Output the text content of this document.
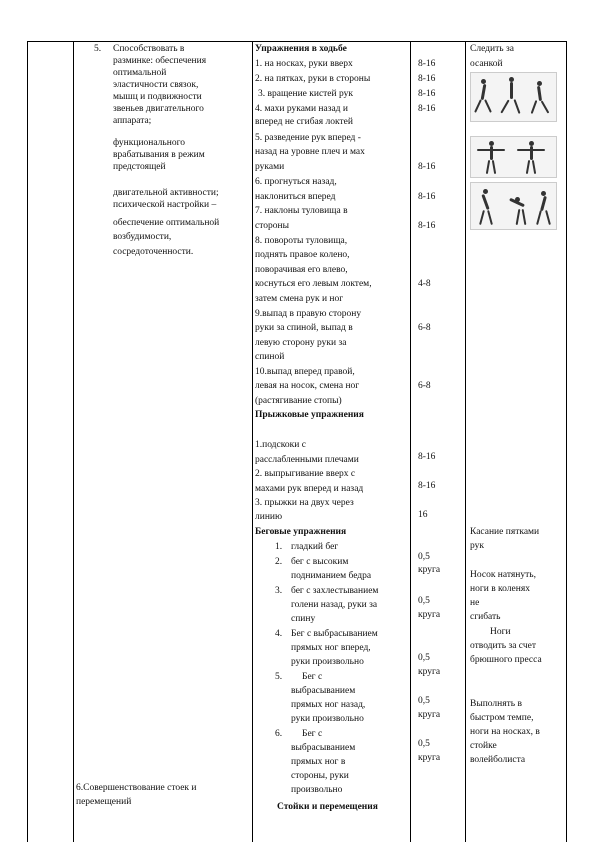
5. Способствовать в
разминке: обеспечения
оптимальной
эластичности связок,
мышц и подвижности
звеньев двигательного
аппарата;
функционального
врабатывания в режим
предстоящей
двигательной активности;
психической настройки –
обеспечение оптимальной
возбудимости,
сосредоточенности.
6.Совершенствование стоек и
перемещений
Упражнения в ходьбе
1. на носках, руки вверх
2. на пятках, руки в стороны
3. вращение кистей рук
4. махи руками назад и
вперед не сгибая локтей
5. разведение рук вперед -
назад на уровне плеч и мах
руками
6. прогнуться назад,
наклониться вперед
7. наклоны туловища в
стороны
8. повороты туловища,
поднять правое колено,
поворачивая его влево,
коснуться его левым локтем,
затем смена рук и ног
9.выпад в правую сторону
руки за спиной, выпад в
левую сторону руки за
спиной
10.выпад вперед правой,
левая на носок, смена ног
(растягивание стопы)
Прыжковые упражнения
1.подскоки с
расслабленными плечами
2. выпрыгивание вверх с
махами рук вперед и назад
3. прыжки на двух через
линию
Беговые упражнения
1. гладкий бег
2. бег с высоким
подниманием бедра
3. бег с захлестыванием
голени назад, руки за
спину
4. Бег с выбрасыванием
прямых ног вперед,
руки произвольно
5. Бег с
выбрасыванием
прямых ног назад,
руки произвольно
6. Бег с
выбрасыванием
прямых ног в
стороны, руки
произвольно
Стойки и перемещения
8-16
8-16
8-16
8-16
8-16
8-16
8-16
4-8
6-8
6-8
8-16
8-16
16
0,5
круга
0,5
круга
0,5
круга
0,5
круга
0,5
круга
Следить за
осанкой
Касание пятками
рук
Носок натянуть,
ноги в коленях
не
сгибать
Ноги
отводить за счет
брюшного пресса
Выполнять в
быстром темпе,
ноги на носках, в
стойке
волейболиста
